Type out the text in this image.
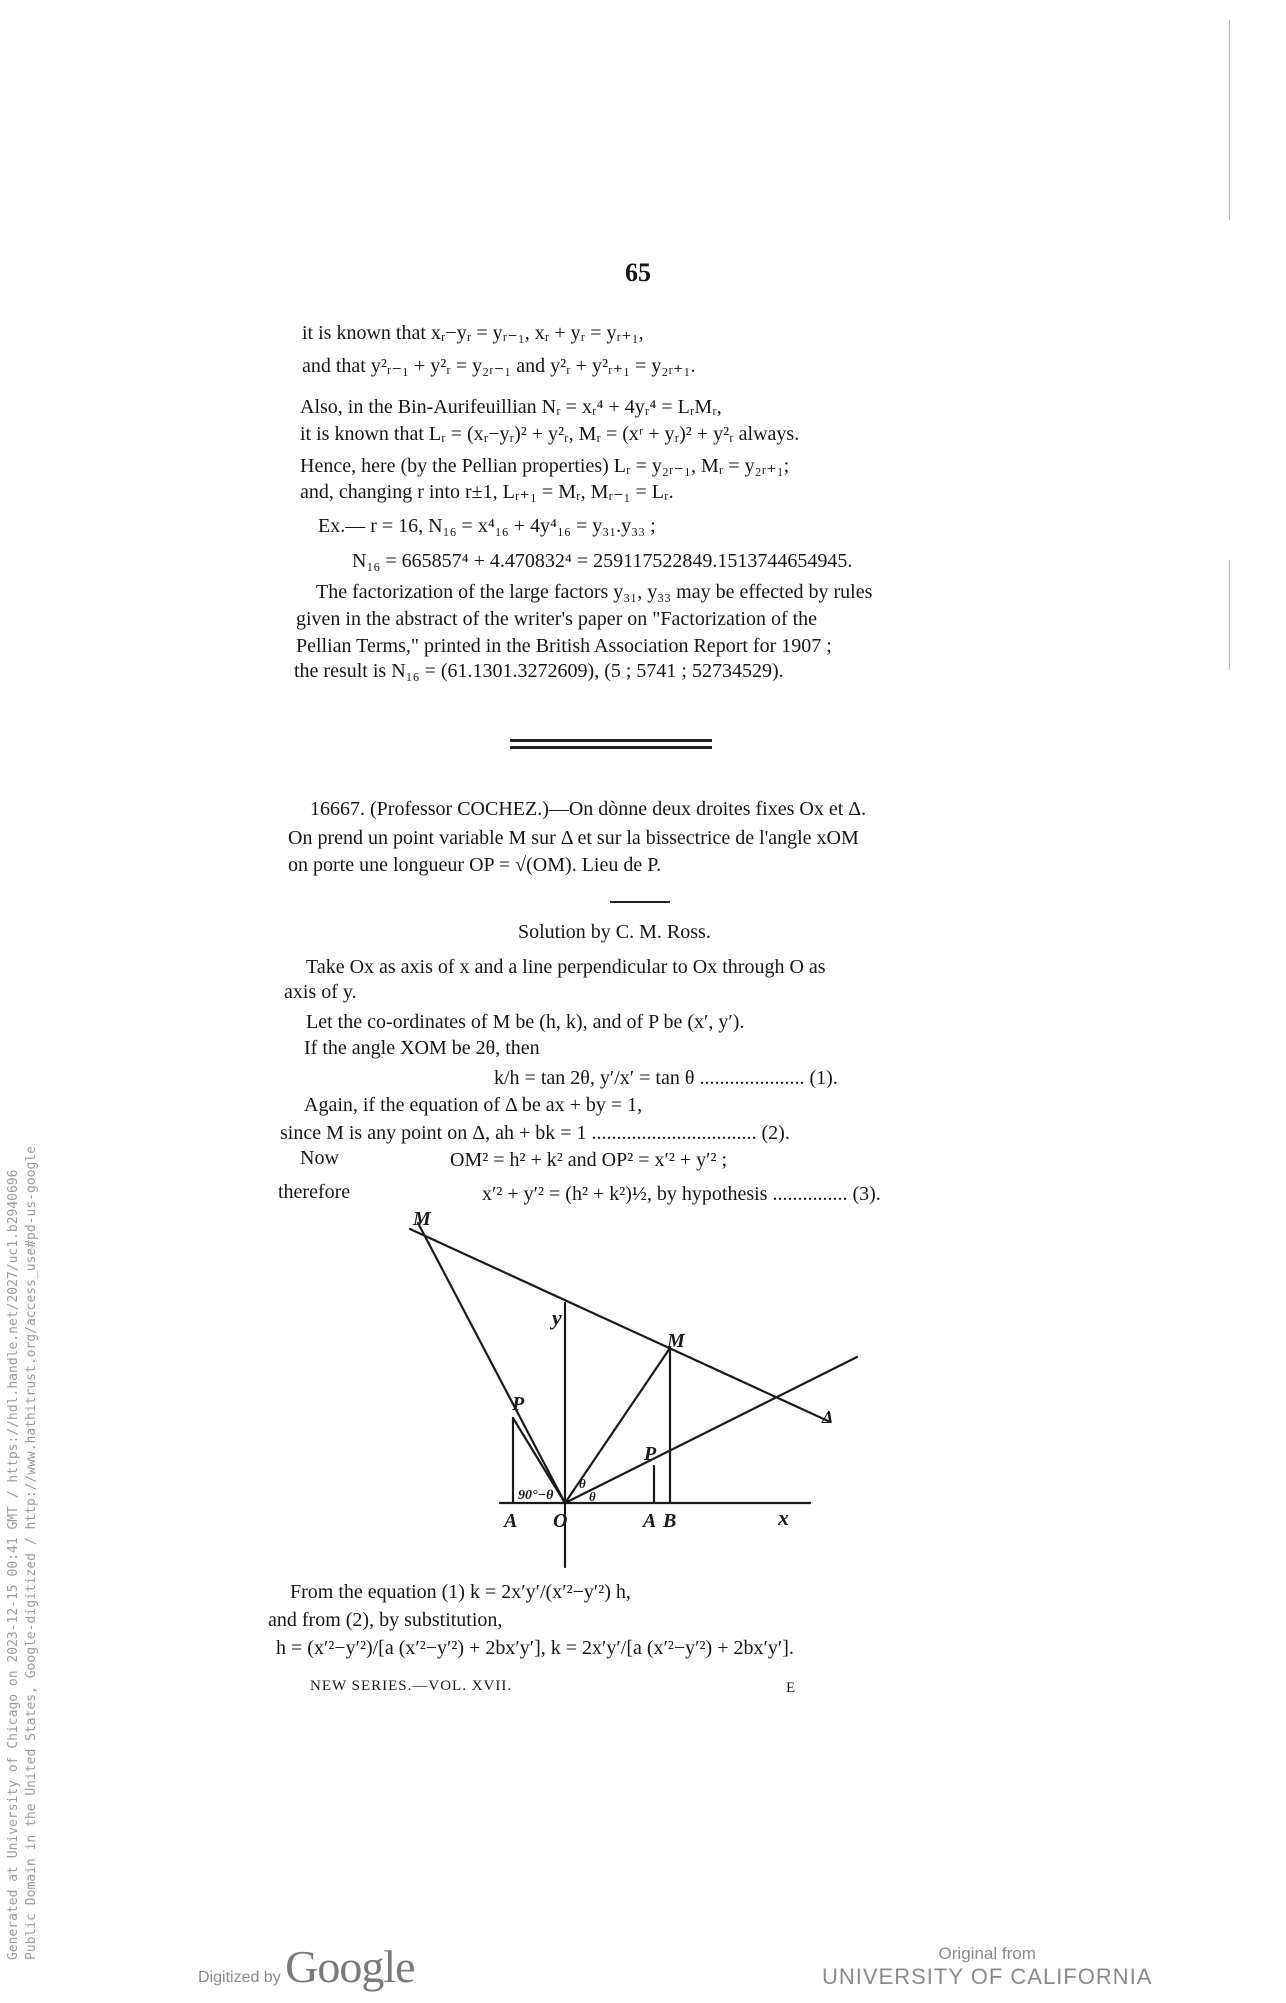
Generated at University of Chicago on 2023-12-15 00:41 GMT / https://hdl.handle.net/2027/uc1.b2940696 Public Domain in the United States, Google-digitized / http://www.hathitrust.org/access_use#pd-us-google
65
it is known that xᵣ−yᵣ = yᵣ₋₁, xᵣ + yᵣ = yᵣ₊₁,
and that y²ᵣ₋₁ + y²ᵣ = y₂ᵣ₋₁ and y²ᵣ + y²ᵣ₊₁ = y₂ᵣ₊₁.
Also, in the Bin-Aurifeuillian Nᵣ = xᵣ⁴ + 4yᵣ⁴ = LᵣMᵣ,
it is known that Lᵣ = (xᵣ−yᵣ)² + y²ᵣ, Mᵣ = (xʳ + yᵣ)² + y²ᵣ always.
Hence, here (by the Pellian properties) Lᵣ = y₂ᵣ₋₁, Mᵣ = y₂ᵣ₊₁;
and, changing r into r±1, Lᵣ₊₁ = Mᵣ, Mᵣ₋₁ = Lᵣ.
Ex.— r = 16, N₁₆ = x⁴₁₆ + 4y⁴₁₆ = y₃₁.y₃₃ ;
N₁₆ = 665857⁴ + 4.470832⁴ = 259117522849.1513744654945.
The factorization of the large factors y₃₁, y₃₃ may be effected by rules
given in the abstract of the writer's paper on "Factorization of the
Pellian Terms," printed in the British Association Report for 1907 ;
the result is N₁₆ = (61.1301.3272609), (5 ; 5741 ; 52734529).
16667. (Professor COCHEZ.)—On dònne deux droites fixes Ox et Δ.
On prend un point variable M sur Δ et sur la bissectrice de l'angle xOM
on porte une longueur OP = √(OM). Lieu de P.
Solution by C. M. Ross.
Take Ox as axis of x and a line perpendicular to Ox through O as
axis of y.
Let the co-ordinates of M be (h, k), and of P be (x′, y′).
If the angle XOM be 2θ, then
k/h = tan 2θ, y′/x′ = tan θ ..................... (1).
Again, if the equation of Δ be ax + by = 1,
since M is any point on Δ, ah + bk = 1 ................................. (2).
Now	OM² = h² + k² and OP² = x′² + y′² ;
therefore	x′² + y′² = (h² + k²)½, by hypothesis ............... (3).
M
y
M
P
P
Δ
90°−θ
θ
θ
A O	A B	x
From the equation (1) k = 2x′y′/(x′²−y′²) h,
and from (2), by substitution,
h = (x′²−y′²)/[a (x′²−y′²) + 2bx′y′], k = 2x′y′/[a (x′²−y′²) + 2bx′y′].
NEW SERIES.—VOL. XVII.	E
Digitized by Google	Original from
UNIVERSITY OF CALIFORNIA
